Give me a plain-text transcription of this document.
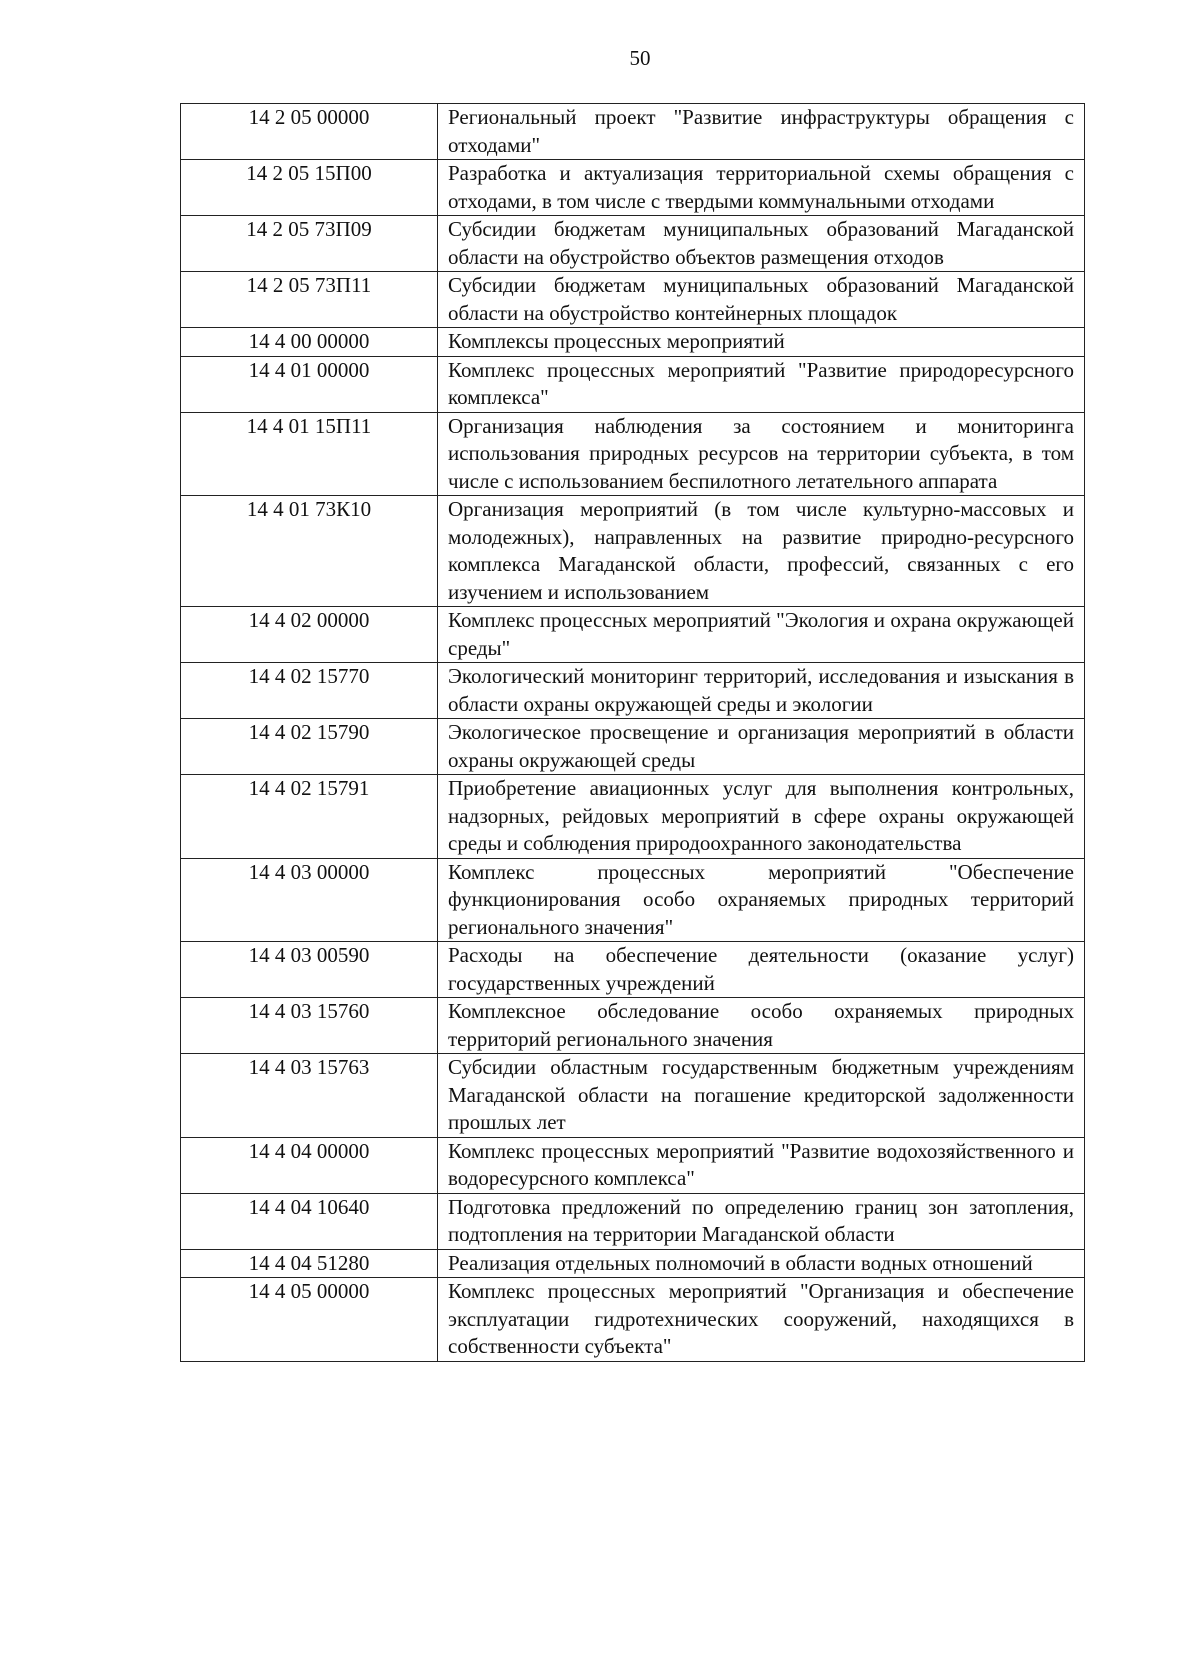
50
14 2 05 00000	Региональный проект "Развитие инфраструктуры обращения с отходами"
14 2 05 15П00	Разработка и актуализация территориальной схемы обращения с отходами, в том числе с твердыми коммунальными отходами
14 2 05 73П09	Субсидии бюджетам муниципальных образований Магаданской области на обустройство объектов размещения отходов
14 2 05 73П11	Субсидии бюджетам муниципальных образований Магаданской области на обустройство контейнерных площадок
14 4 00 00000	Комплексы процессных мероприятий
14 4 01 00000	Комплекс процессных мероприятий "Развитие природоресурсного комплекса"
14 4 01 15П11	Организация наблюдения за состоянием и мониторинга использования природных ресурсов на территории субъекта, в том числе с использованием беспилотного летательного аппарата
14 4 01 73К10	Организация мероприятий (в том числе культурно-массовых и молодежных), направленных на развитие природно-ресурсного комплекса Магаданской области, профессий, связанных с его изучением и использованием
14 4 02 00000	Комплекс процессных мероприятий "Экология и охрана окружающей среды"
14 4 02 15770	Экологический мониторинг территорий, исследования и изыскания в области охраны окружающей среды и экологии
14 4 02 15790	Экологическое просвещение и организация мероприятий в области охраны окружающей среды
14 4 02 15791	Приобретение авиационных услуг для выполнения контрольных, надзорных, рейдовых мероприятий в сфере охраны окружающей среды и соблюдения природоохранного законодательства
14 4 03 00000	Комплекс процессных мероприятий "Обеспечение функционирования особо охраняемых природных территорий регионального значения"
14 4 03 00590	Расходы на обеспечение деятельности (оказание услуг) государственных учреждений
14 4 03 15760	Комплексное обследование особо охраняемых природных территорий регионального значения
14 4 03 15763	Субсидии областным государственным бюджетным учреждениям Магаданской области на погашение кредиторской задолженности прошлых лет
14 4 04 00000	Комплекс процессных мероприятий "Развитие водохозяйственного и водоресурсного комплекса"
14 4 04 10640	Подготовка предложений по определению границ зон затопления, подтопления на территории Магаданской области
14 4 04 51280	Реализация отдельных полномочий в области водных отношений
14 4 05 00000	Комплекс процессных мероприятий "Организация и обеспечение эксплуатации гидротехнических сооружений, находящихся в собственности субъекта"
